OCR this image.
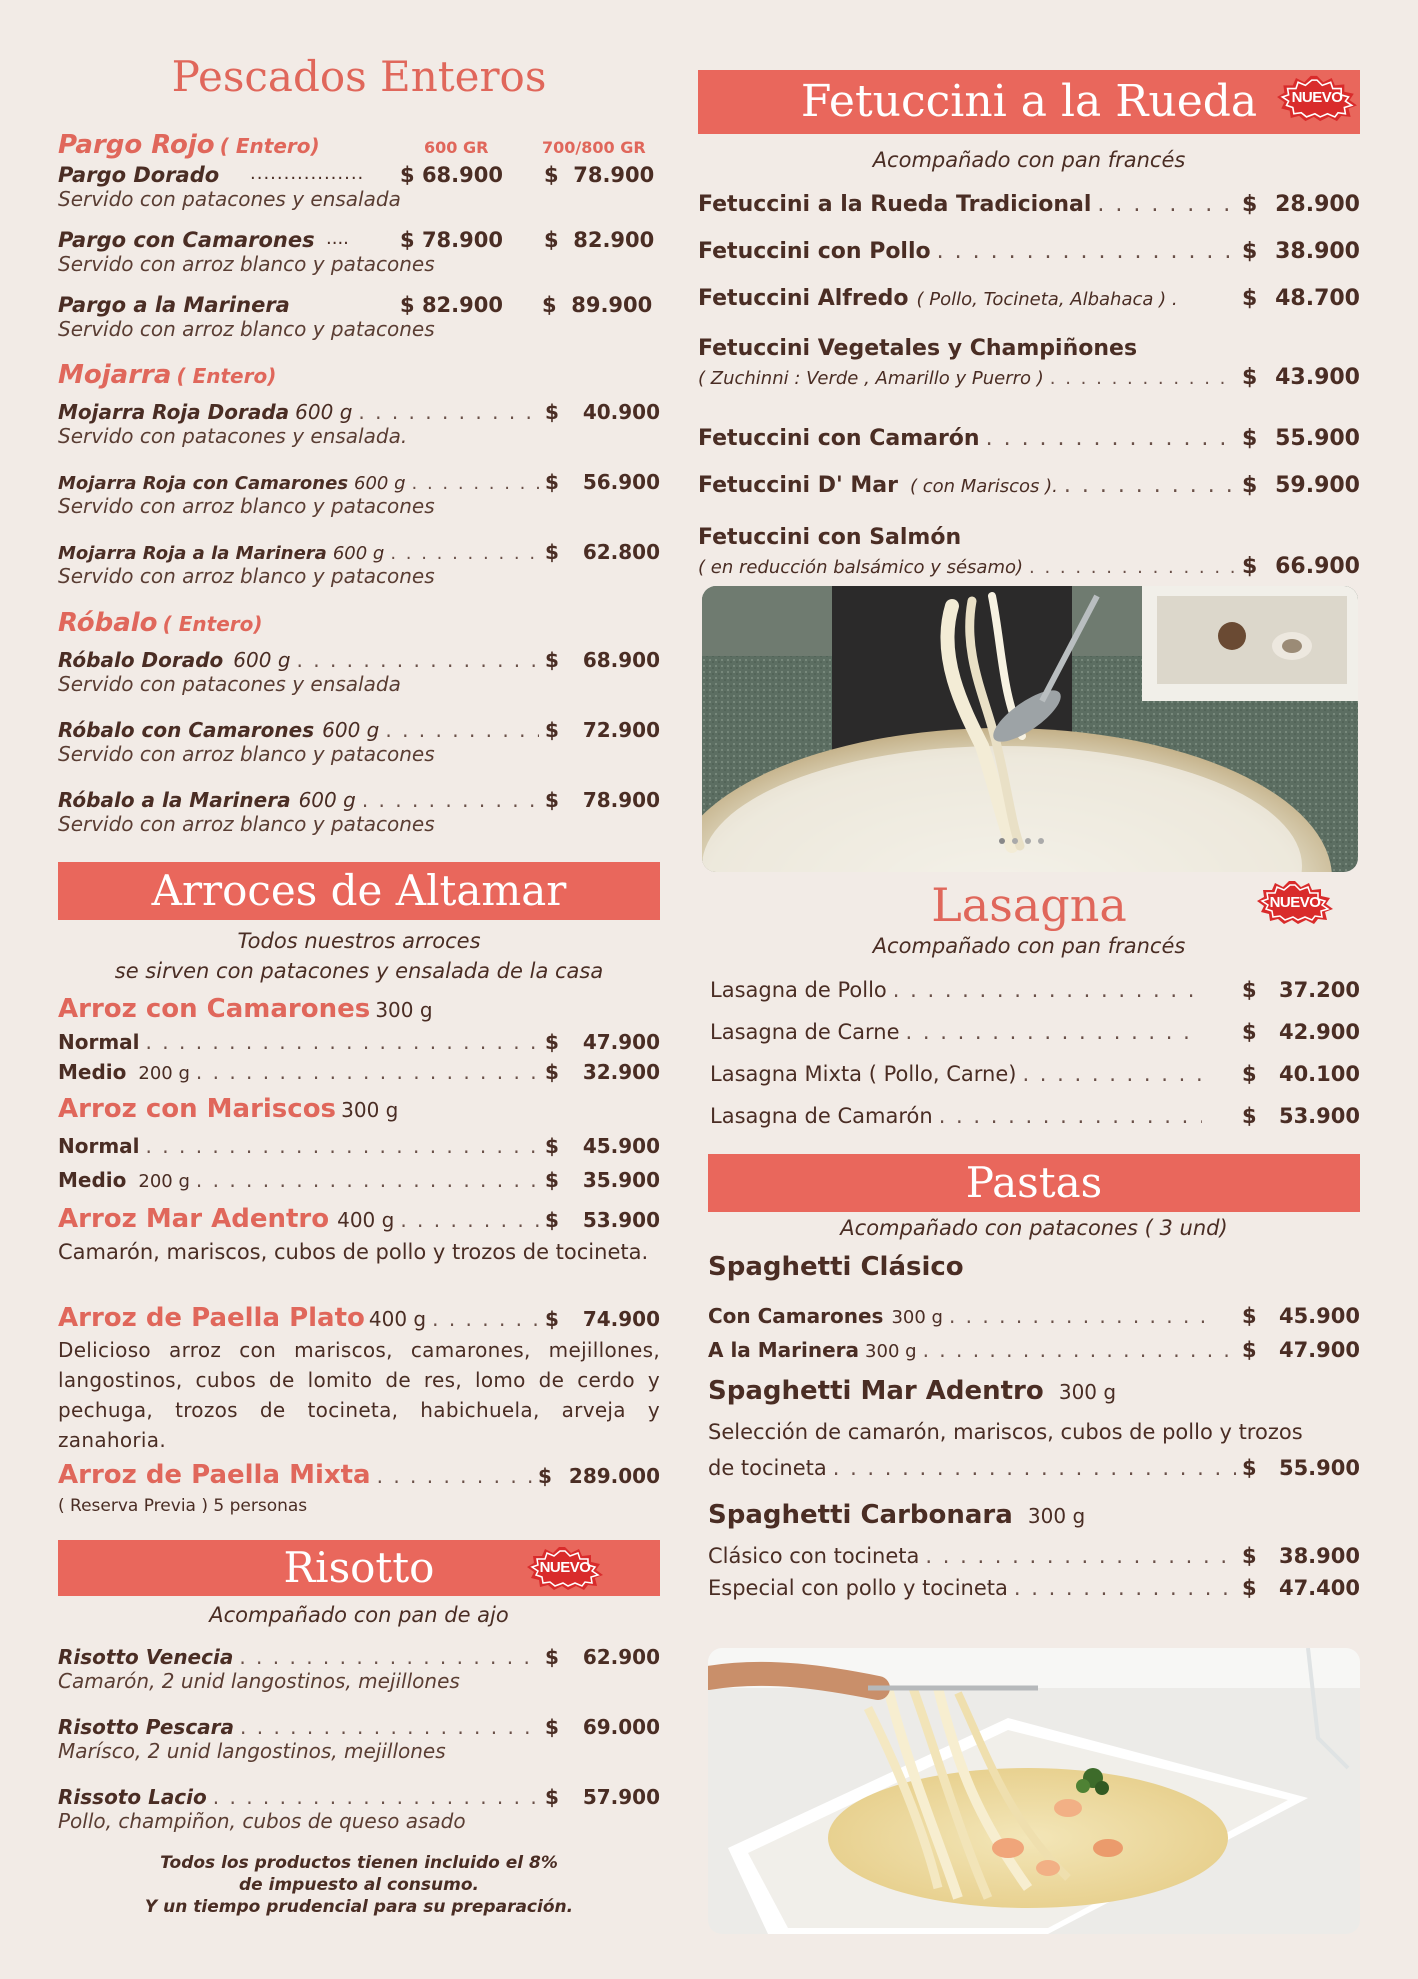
Pescados Enteros
Pargo Rojo ( Entero)	600 GR	700/800 GR
Pargo Dorado ................. $ 68.900 $  78.900
Servido con patacones y ensalada
Pargo con Camarones .... $ 78.900 $  82.900
Servido con arroz blanco y patacones
Pargo a la Marinera	$ 82.900 $  89.900
Servido con arroz blanco y patacones
Mojarra ( Entero)
Mojarra Roja Dorada 600 g . . .	$ 40.900
Servido con patacones y ensalada.
Mojarra Roja con Camarones 600 g . . .	$ 56.900
Servido con arroz blanco y patacones
Mojarra Roja a la Marinera 600 g . . .	$ 62.800
Servido con arroz blanco y patacones
Róbalo ( Entero)
Róbalo Dorado 600 g . . .	$ 68.900
Servido con patacones y ensalada
Róbalo con Camarones 600 g . . .	$ 72.900
Servido con arroz blanco y patacones
Róbalo a la Marinera 600 g . . .	$ 78.900
Servido con arroz blanco y patacones
Arroces de Altamar
Todos nuestros arroces
se sirven con patacones y ensalada de la casa
Arroz con Camarones 300 g
Normal . . .	$ 47.900
Medio 200 g . . .	$ 32.900
Arroz con Mariscos 300 g
Normal . . .	$ 45.900
Medio 200 g . . .	$ 35.900
Arroz Mar Adentro 400 g . . .	$ 53.900
Camarón, mariscos, cubos de pollo y trozos de tocineta.
Arroz de Paella Plato 400 g . . .	$ 74.900
Delicioso arroz con mariscos, camarones, mejillones, langostinos, cubos de lomito de res, lomo de cerdo y pechuga, trozos de tocineta, habichuela, arveja y zanahoria.
Arroz de Paella Mixta . . .	$ 289.000
( Reserva Previa ) 5 personas
Risotto	NUEVO
Acompañado con pan de ajo
Risotto Venecia . . .	$ 62.900
Camarón, 2 unid langostinos, mejillones
Risotto Pescara . . .	$ 69.000
Marísco, 2 unid langostinos, mejillones
Rissoto Lacio . . .	$ 57.900
Pollo, champiñon, cubos de queso asado
Todos los productos tienen incluido el 8%
de impuesto al consumo.
Y un tiempo prudencial para su preparación.
Fetuccini a la Rueda NUEVO
Acompañado con pan francés
Fetuccini a la Rueda Tradicional . . .	$ 28.900
Fetuccini con Pollo . . .	$ 38.900
Fetuccini Alfredo ( Pollo, Tocineta, Albahaca ) .	$ 48.700
Fetuccini Vegetales y Champiñones
( Zuchinni : Verde , Amarillo y Puerro ) . . .	$ 43.900
Fetuccini con Camarón . . .	$ 55.900
Fetuccini D' Mar ( con Mariscos ). . . .	$ 59.900
Fetuccini con Salmón
( en reducción balsámico y sésamo) . . .	$ 66.900
Lasagna	NUEVO
Acompañado con pan francés
Lasagna de Pollo . . .	$ 37.200
Lasagna de Carne . . .	$ 42.900
Lasagna Mixta ( Pollo, Carne) . . .	$ 40.100
Lasagna de Camarón . . .	$ 53.900
Pastas
Acompañado con patacones ( 3 und)
Spaghetti Clásico
Con Camarones 300 g . . .	$ 45.900
A la Marinera 300 g . . .	$ 47.900
Spaghetti Mar Adentro 300 g
Selección de camarón, mariscos, cubos de pollo y trozos
de tocineta . . .	$ 55.900
Spaghetti Carbonara 300 g
Clásico con tocineta . . .	$ 38.900
Especial con pollo y tocineta . . .	$ 47.400
